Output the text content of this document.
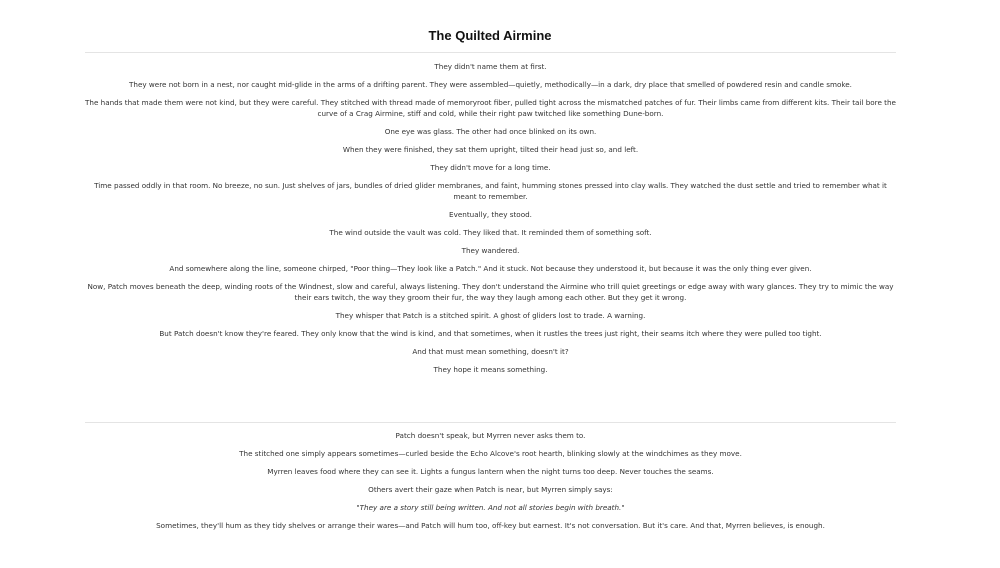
The Quilted Airmine

They didn't name them at first.

They were not born in a nest, nor caught mid-glide in the arms of a drifting parent. They were assembled—quietly, methodically—in a dark, dry place that smelled of powdered resin and candle smoke.

The hands that made them were not kind, but they were careful. They stitched with thread made of memoryroot fiber, pulled tight across the mismatched patches of fur. Their limbs came from different kits. Their tail bore the curve of a Crag Airmine, stiff and cold, while their right paw twitched like something Dune-born.

One eye was glass. The other had once blinked on its own.

When they were finished, they sat them upright, tilted their head just so, and left.

They didn't move for a long time.

Time passed oddly in that room. No breeze, no sun. Just shelves of jars, bundles of dried glider membranes, and faint, humming stones pressed into clay walls. They watched the dust settle and tried to remember what it meant to remember.

Eventually, they stood.

The wind outside the vault was cold. They liked that. It reminded them of something soft.

They wandered.

And somewhere along the line, someone chirped, "Poor thing—They look like a Patch." And it stuck. Not because they understood it, but because it was the only thing ever given.

Now, Patch moves beneath the deep, winding roots of the Windnest, slow and careful, always listening. They don't understand the Airmine who trill quiet greetings or edge away with wary glances. They try to mimic the way their ears twitch, the way they groom their fur, the way they laugh among each other. But they get it wrong.

They whisper that Patch is a stitched spirit. A ghost of gliders lost to trade. A warning.

But Patch doesn't know they're feared. They only know that the wind is kind, and that sometimes, when it rustles the trees just right, their seams itch where they were pulled too tight.

And that must mean something, doesn't it?

They hope it means something.

Patch doesn't speak, but Myrren never asks them to.

The stitched one simply appears sometimes—curled beside the Echo Alcove's root hearth, blinking slowly at the windchimes as they move.

Myrren leaves food where they can see it. Lights a fungus lantern when the night turns too deep. Never touches the seams.

Others avert their gaze when Patch is near, but Myrren simply says:

"They are a story still being written. And not all stories begin with breath."

Sometimes, they'll hum as they tidy shelves or arrange their wares—and Patch will hum too, off-key but earnest. It's not conversation. But it's care. And that, Myrren believes, is enough.
